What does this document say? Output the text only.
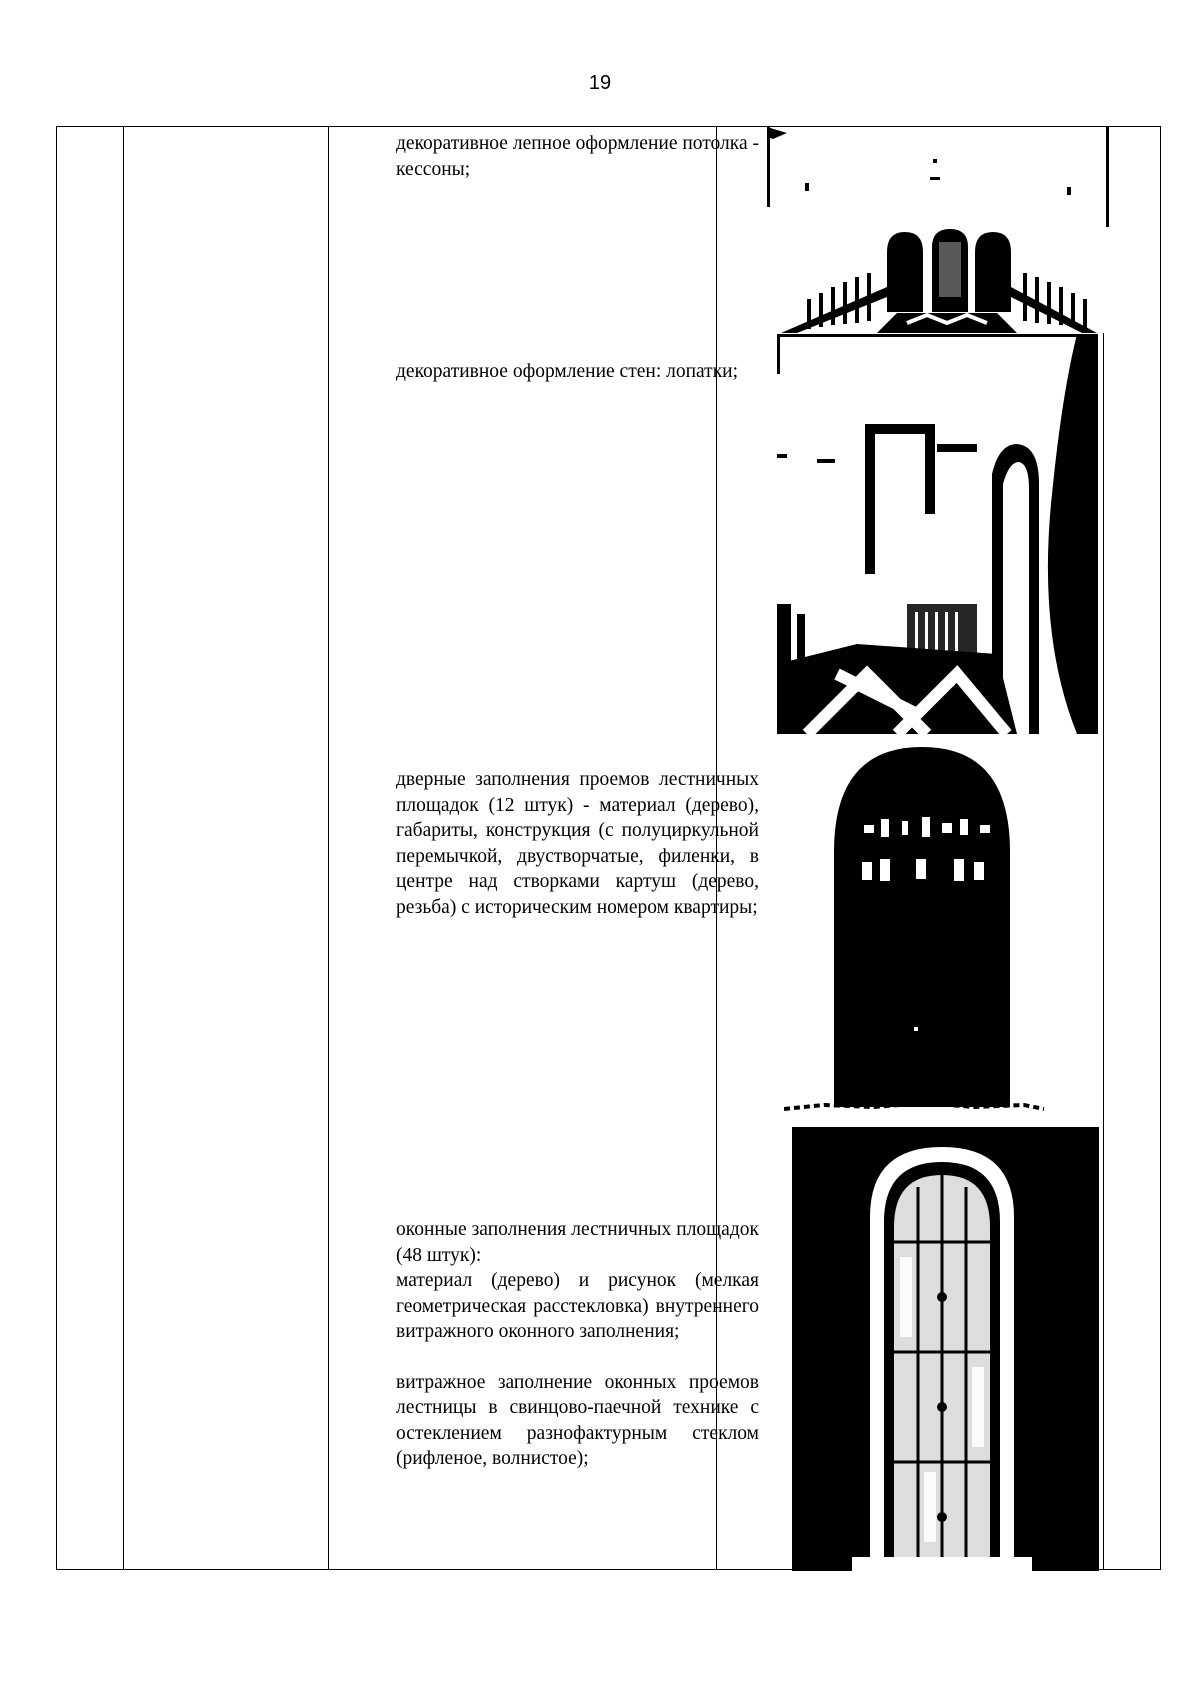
19

декоративное лепное оформление потолка - кессоны;

декоративное оформление стен: лопатки;

дверные заполнения проемов лестничных площадок (12 штук) - материал (дерево), габариты, конструкция (с полуциркульной перемычкой, двустворчатые, филенки, в центре над створками картуш (дерево, резьба) с историческим номером квартиры;

оконные заполнения лестничных площадок (48 штук):

материал (дерево) и рисунок (мелкая геометрическая расстекловка) внутреннего витражного оконного заполнения;

витражное заполнение оконных проемов лестницы в свинцово-паечной технике с остеклением разнофактурным стеклом (рифленое, волнистое);
